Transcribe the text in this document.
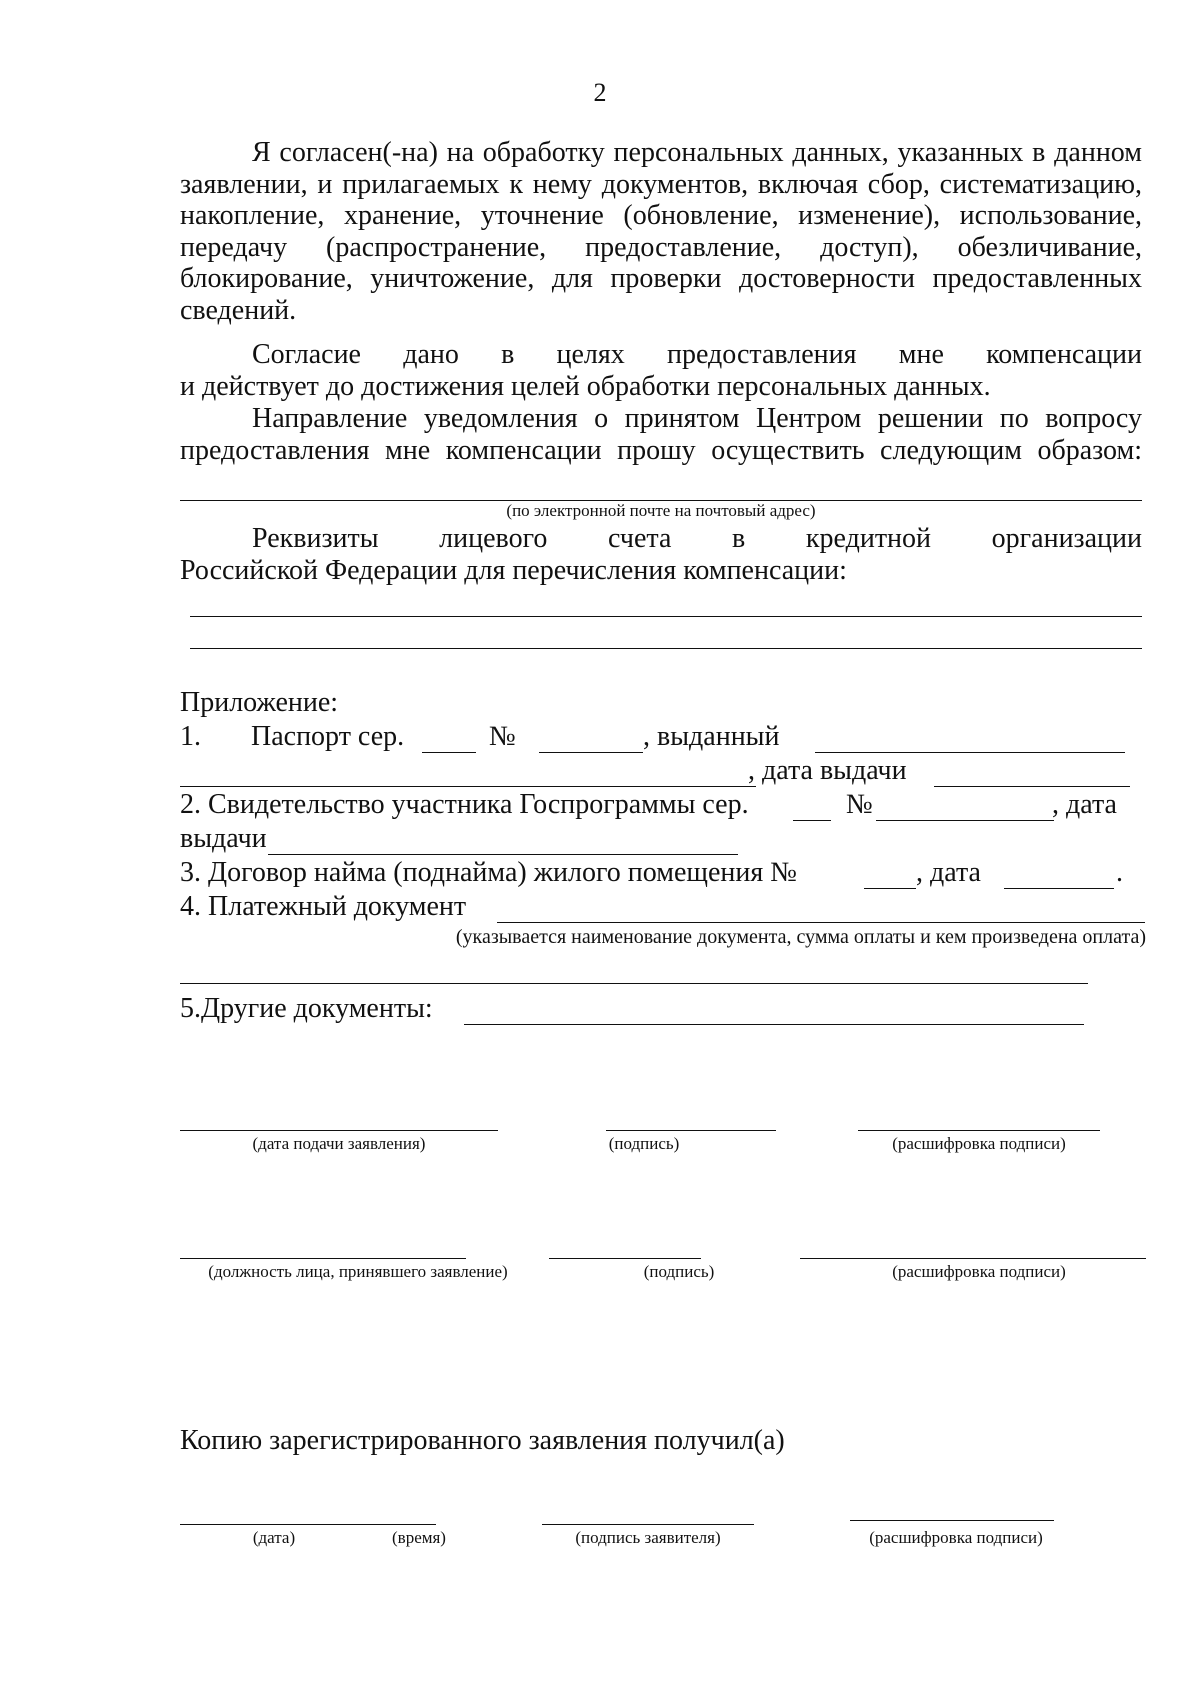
2

Я согласен(-на) на обработку персональных данных, указанных в данном заявлении, и прилагаемых к нему документов, включая сбор, систематизацию, накопление, хранение, уточнение (обновление, изменение), использование, передачу (распространение, предоставление, доступ), обезличивание, блокирование, уничтожение, для проверки достоверности предоставленных сведений.

Согласие дано в целях предоставления мне компенсации

и действует до достижения целей обработки персональных данных.

Направление уведомления о принятом Центром решении по вопросу предоставления мне компенсации прошу осуществить следующим образом:

(по электронной почте на почтовый адрес)

Реквизиты лицевого счета в кредитной организации

Российской Федерации для перечисления компенсации:

Приложение:
1. Паспорт сер.	№	, выданный
, дата выдачи
2. Свидетельство участника Госпрограммы сер.	№	, дата
выдачи
3. Договор найма (поднайма) жилого помещения №	, дата	.
4. Платежный документ
(указывается наименование документа, сумма оплаты и кем произведена оплата)
5.Другие документы:
(дата подачи заявления)	(подпись)	(расшифровка подписи)
(должность лица, принявшего заявление)	(подпись)	(расшифровка подписи)
Копию зарегистрированного заявления получил(а)
(дата)	(время)	(подпись заявителя)	(расшифровка подписи)
